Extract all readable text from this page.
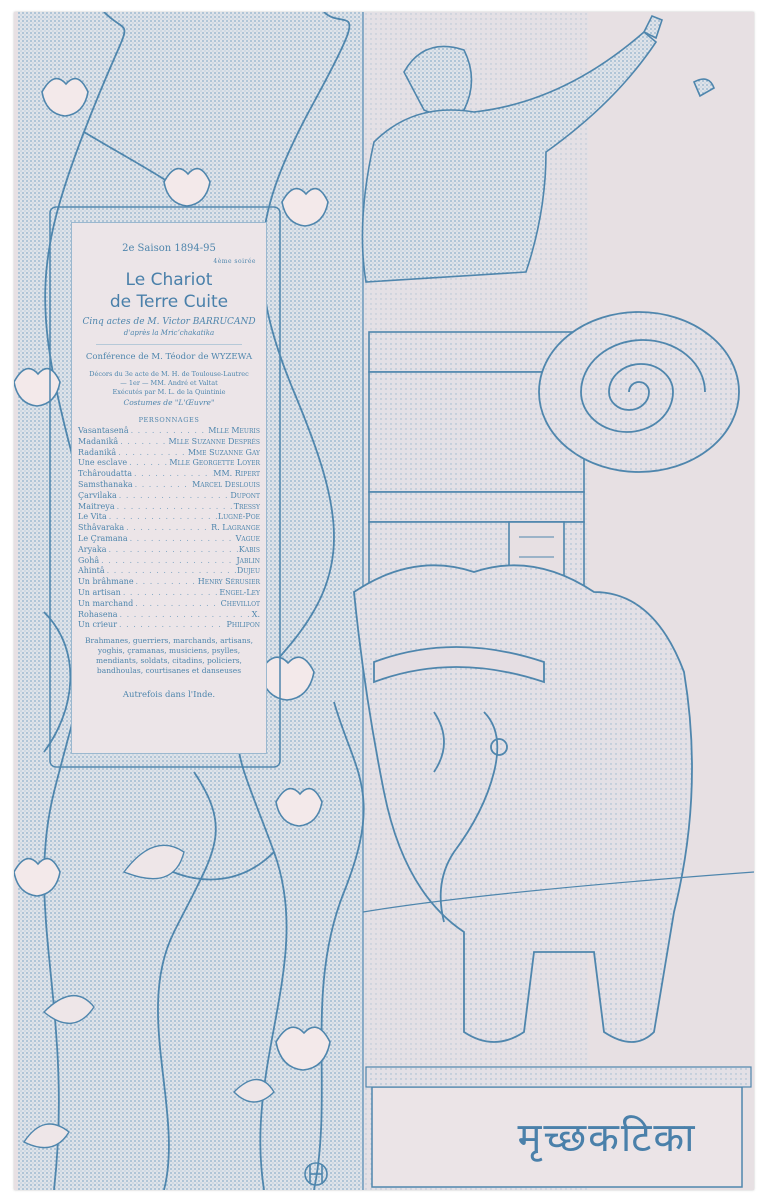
2e Saison 1894-95
4ème soirée
Le Chariot
de Terre Cuite
Cinq actes de M. Victor BARRUCAND
d'après la Mricʼchakatika
Conférence de M. Téodor de WYZEWA
Décors du 3e acte de M. H. de Toulouse-Lautrec
— 1er — MM. André et Valtat
Exécutés par M. L. de la Quintinie
Costumes de "L'Œuvre"
PERSONNAGES
Vasantasenâ . . .	Mlle Meuris
Madanikâ . . .	Mlle Suzanne Després
Radanikâ . . .	Mme Suzanne Gay
Une esclave . . .	Mlle Georgette Loyer
Tchâroudatta . . .	MM. Ripert
Samsthanaka . . .	Marcel Deslouis
Çarvilaka . . .	Dupont
Maitreya . . .	Tressy
Le Vita . . .	Lugné-Poe
Sthâvaraka . . .	R. Lagrange
Le Çramana . . .	Vague
Aryaka . . .	Kabis
Gohâ . . .	Jablin
Ahintâ . . .	Dujeu
Un brâhmane . . .	Henry Sérusier
Un artisan . . .	Engel-Ley
Un marchand . . .	Chevillot
Rohasena . . .	X.
Un crieur . . .	Philipon
Brahmanes, guerriers, marchands, artisans, yoghis, çramanas, musiciens, psylles, mendiants, soldats, citadins, policiers, bandhoulas, courtisanes et danseuses
Autrefois dans l'Inde.
मृच्छकटिका
